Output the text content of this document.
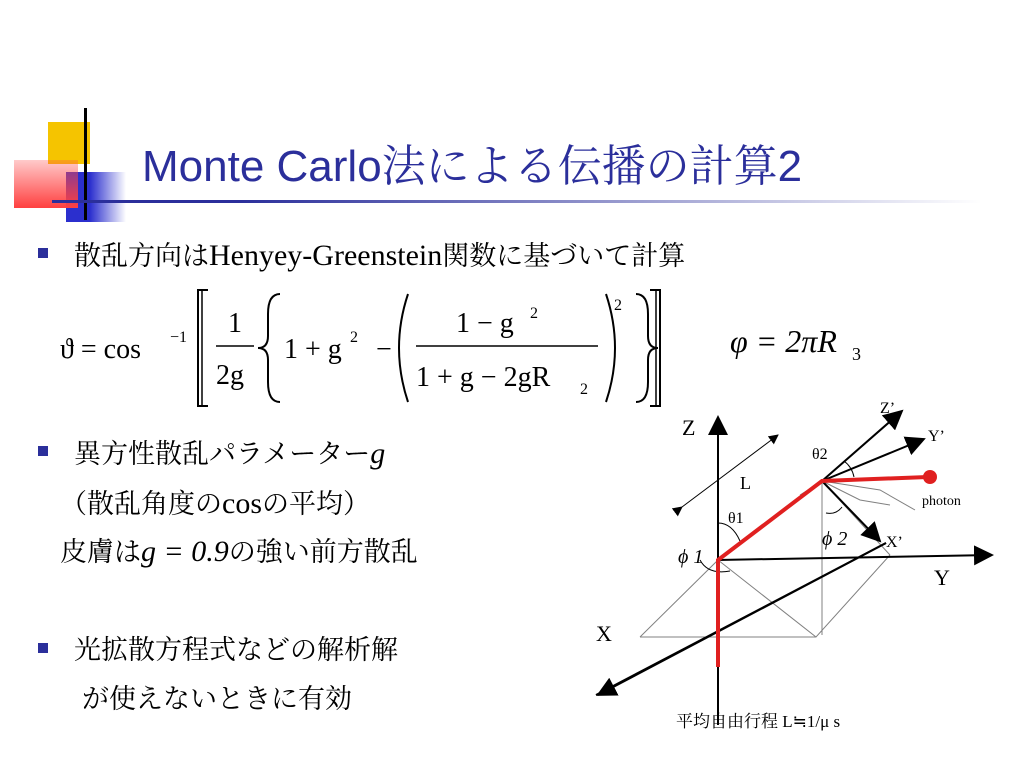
Monte Carlo法による伝播の計算2
散乱方向はHenyey-Greenstein関数に基づいて計算
ϑ = cos −1 1
2g
1 + g 2 −
1 − g 2
1 + g − 2gR 2
2
φ = 2πR 3
異方性散乱パラメーターg
（散乱角度のcosの平均）
皮膚はg = 0.9の強い前方散乱
光拡散方程式などの解析解
が使えないときに有効
Z
X
Y
Z’
Y’
X’
L
θ1
θ2
ϕ 1
ϕ 2
photon
平均自由行程 L≒1/μ s
